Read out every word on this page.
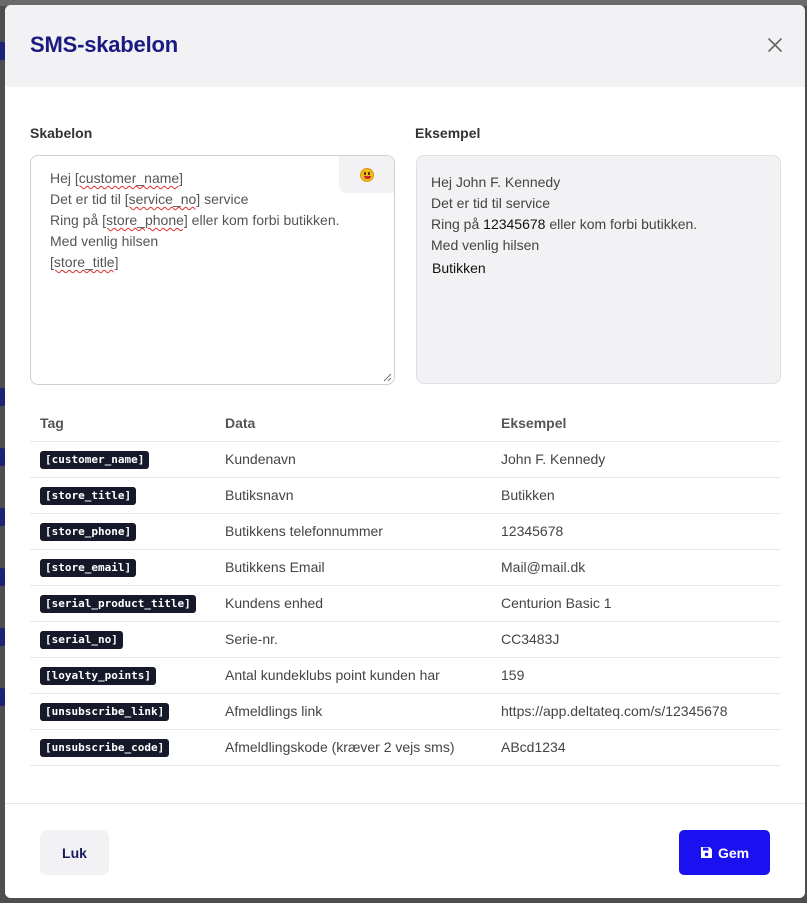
SMS-skabelon
Skabelon	Eksempel
Hej [customer_name]
Det er tid til [service_no] service
Ring på [store_phone] eller kom forbi butikken.
Med venlig hilsen
[store_title]
Hej John F. Kennedy
Det er tid til service
Ring på 12345678 eller kom forbi butikken.
Med venlig hilsen
Butikken
Tag	Data	Eksempel
[customer_name]	Kundenavn	John F. Kennedy
[store_title]	Butiksnavn	Butikken
[store_phone]	Butikkens telefonnummer	12345678
[store_email]	Butikkens Email	Mail@mail.dk
[serial_product_title]	Kundens enhed	Centurion Basic 1
[serial_no]	Serie-nr.	CC3483J
[loyalty_points]	Antal kundeklubs point kunden har	159
[unsubscribe_link]	Afmeldlings link	https://app.deltateq.com/s/12345678
[unsubscribe_code]	Afmeldlingskode (kræver 2 vejs sms)	ABcd1234
Luk	Gem
